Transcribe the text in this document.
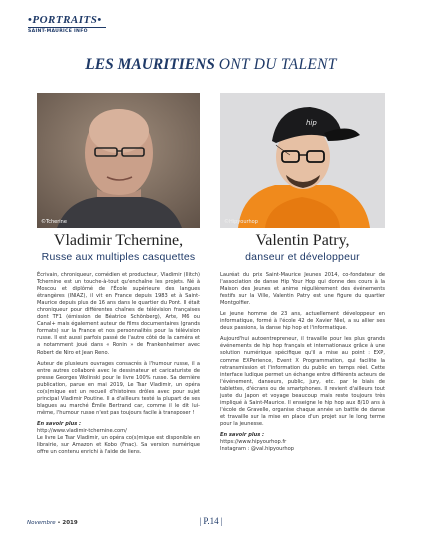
•PORTRAITS•
SAINT-MAURICE INFO
LES MAURITIENS ONT DU TALENT
©Tcherine
hip
©Hipyourhop
Vladimir Tchernine,
Russe aux multiples casquettes
Valentin Patry,
danseur et développeur

Écrivain, chroniqueur, comédien et producteur, Vladimir (Ilitch) Tchernine est un touche-à-tout qu'enchaîne les projets. Né à Moscou et diplômé de l'École supérieure des langues étrangères (INIAZ), il vit en France depuis 1983 et à Saint-Maurice depuis plus de 16 ans dans le quartier du Pont. Il était chroniqueur pour différentes chaînes de télévision françaises dont TF1 (émission de Béatrice Schönberg), Arte, M6 ou Canal+ mais également auteur de films documentaires (grands formats) sur la France et nos personnalités pour la télévision russe. Il est aussi parfois passé de l'autre côté de la caméra et a notamment joué dans « Ronin » de Frankenheimer avec Robert de Niro et Jean Reno.

Auteur de plusieurs ouvrages consacrés à l'humour russe, il a entre autres collaboré avec le dessinateur et caricaturiste de presse Georges Wolinski pour le livre 100% russe. Sa dernière publication, parue en mai 2019, Le Tsar Vladimir, un opéra co(s)mique est un recueil d'histoires drôles avec pour sujet principal Vladimir Poutine. Il a d'ailleurs testé la plupart de ses blagues au marché Émile Bertrand car, comme il le dit lui-même, l'humour russe n'est pas toujours facile à transposer !

En savoir plus :

http://www.vladimir-tchernine.com/

Le livre Le Tsar Vladimir, un opéra co(s)mique est disponible en librairie, sur Amazon et Kobo (Fnac). Sa version numérique offre un contenu enrichi à l'aide de liens.

Lauréat du prix Saint-Maurice Jeunes 2014, co-fondateur de l'association de danse Hip Your Hop qui donne des cours à la Maison des Jeunes et anime régulièrement des événements festifs sur la Ville, Valentin Patry est une figure du quartier Montgolfier.

Le jeune homme de 23 ans, actuellement développeur en informatique, formé à l'école 42 de Xavier Niel, a su allier ses deux passions, la danse hip hop et l'informatique.

Aujourd'hui autoentrepreneur, il travaille pour les plus grands événements de hip hop français et internationaux grâce à une solution numérique spécifique qu'il a mise au point : EXP, comme EXPerience, Event X Programmation, qui facilite la retransmission et l'information du public en temps réel. Cette interface ludique permet un échange entre différents acteurs de l'événement, danseurs, public, jury, etc. par le biais de tablettes, d'écrans ou de smartphones. Il revient d'ailleurs tout juste du Japon et voyage beaucoup mais reste toujours très impliqué à Saint-Maurice. Il enseigne le hip hop aux 8/10 ans à l'école de Gravelle, organise chaque année un battle de danse et travaille sur la mise en place d'un projet sur le long terme pour la jeunesse.

En savoir plus :

https://www.hipyourhop.fr

Instagram : @val.hipyourhop

Novembre • 2019	| P.14 |
